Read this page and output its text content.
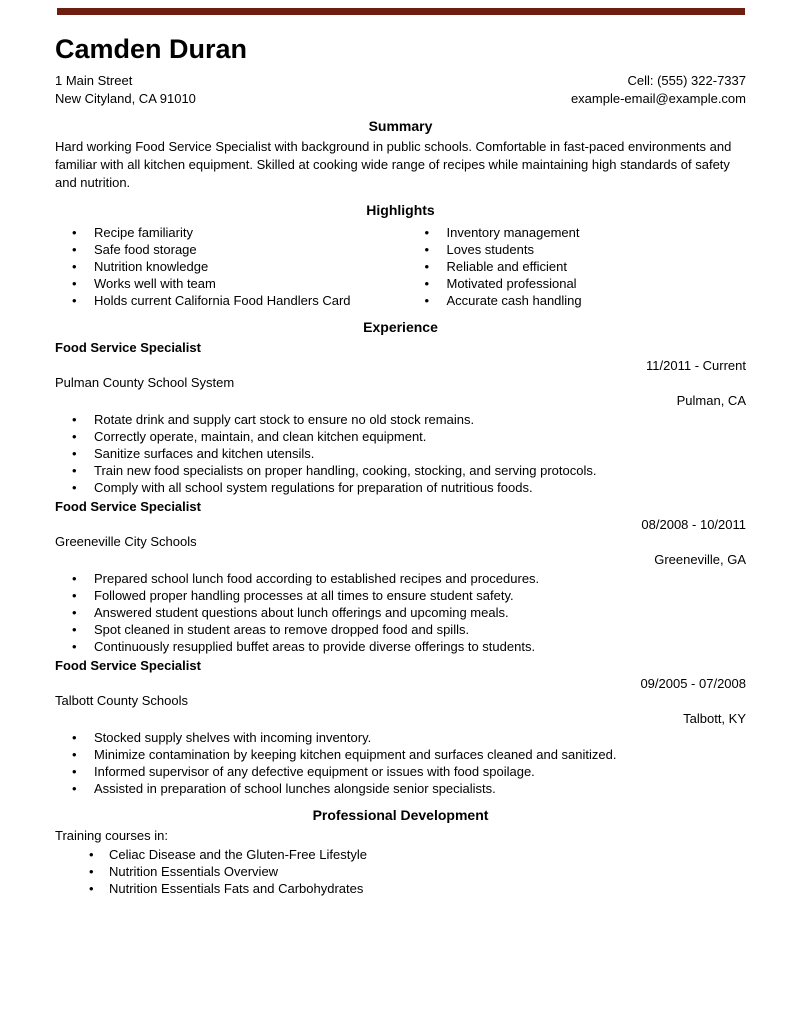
Camden Duran
1 Main Street
New Cityland, CA 91010
Cell: (555) 322-7337
example-email@example.com
Summary

Hard working Food Service Specialist with background in public schools. Comfortable in fast-paced environments and familiar with all kitchen equipment. Skilled at cooking wide range of recipes while maintaining high standards of safety and nutrition.

Highlights
• Recipe familiarity
• Safe food storage
• Nutrition knowledge
• Works well with team
• Holds current California Food Handlers Card
• Inventory management
• Loves students
• Reliable and efficient
• Motivated professional
• Accurate cash handling
Experience
Food Service Specialist
11/2011 - Current
Pulman County School System
Pulman, CA
• Rotate drink and supply cart stock to ensure no old stock remains.
• Correctly operate, maintain, and clean kitchen equipment.
• Sanitize surfaces and kitchen utensils.
• Train new food specialists on proper handling, cooking, stocking, and serving protocols.
• Comply with all school system regulations for preparation of nutritious foods.
Food Service Specialist
08/2008 - 10/2011
Greeneville City Schools
Greeneville, GA
• Prepared school lunch food according to established recipes and procedures.
• Followed proper handling processes at all times to ensure student safety.
• Answered student questions about lunch offerings and upcoming meals.
• Spot cleaned in student areas to remove dropped food and spills.
• Continuously resupplied buffet areas to provide diverse offerings to students.
Food Service Specialist
09/2005 - 07/2008
Talbott County Schools
Talbott, KY
• Stocked supply shelves with incoming inventory.
• Minimize contamination by keeping kitchen equipment and surfaces cleaned and sanitized.
• Informed supervisor of any defective equipment or issues with food spoilage.
• Assisted in preparation of school lunches alongside senior specialists.
Professional Development
Training courses in:
• Celiac Disease and the Gluten-Free Lifestyle
• Nutrition Essentials Overview
• Nutrition Essentials Fats and Carbohydrates
